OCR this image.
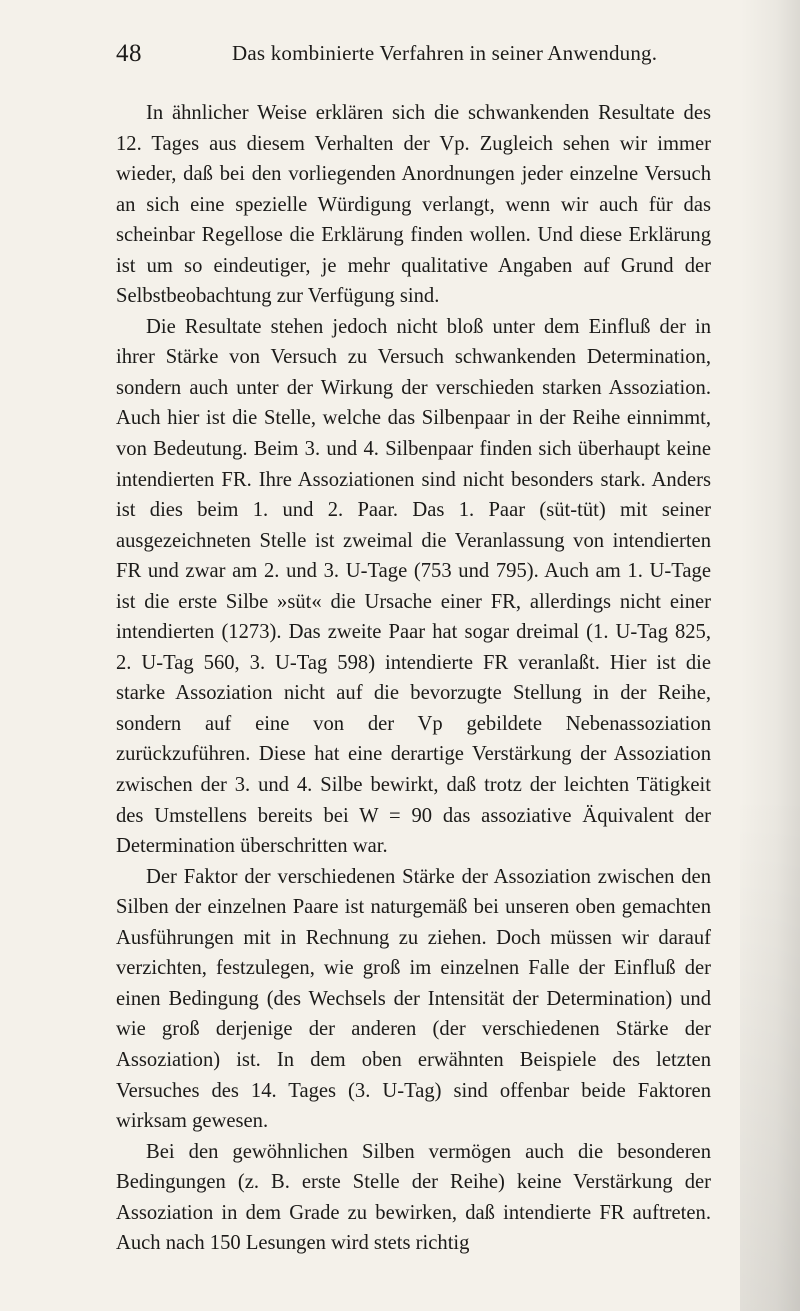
48	Das kombinierte Verfahren in seiner Anwendung.

In ähnlicher Weise erklären sich die schwankenden Resultate des 12. Tages aus diesem Verhalten der Vp. Zugleich sehen wir immer wieder, daß bei den vorliegenden Anordnungen jeder einzelne Versuch an sich eine spezielle Würdigung verlangt, wenn wir auch für das scheinbar Regellose die Erklärung finden wollen. Und diese Erklärung ist um so eindeutiger, je mehr qualitative Angaben auf Grund der Selbstbeobachtung zur Verfügung sind.

Die Resultate stehen jedoch nicht bloß unter dem Einfluß der in ihrer Stärke von Versuch zu Versuch schwankenden Determination, sondern auch unter der Wirkung der verschieden starken Assoziation. Auch hier ist die Stelle, welche das Silbenpaar in der Reihe einnimmt, von Bedeutung. Beim 3. und 4. Silbenpaar finden sich überhaupt keine intendierten FR. Ihre Assoziationen sind nicht besonders stark. Anders ist dies beim 1. und 2. Paar. Das 1. Paar (süt-tüt) mit seiner ausgezeichneten Stelle ist zweimal die Veranlassung von intendierten FR und zwar am 2. und 3. U-Tage (753 und 795). Auch am 1. U-Tage ist die erste Silbe »süt« die Ursache einer FR, allerdings nicht einer intendierten (1273). Das zweite Paar hat sogar dreimal (1. U-Tag 825, 2. U-Tag 560, 3. U-Tag 598) intendierte FR veranlaßt. Hier ist die starke Assoziation nicht auf die bevorzugte Stellung in der Reihe, sondern auf eine von der Vp gebildete Nebenassoziation zurückzuführen. Diese hat eine derartige Verstärkung der Assoziation zwischen der 3. und 4. Silbe bewirkt, daß trotz der leichten Tätigkeit des Umstellens bereits bei W = 90 das assoziative Äquivalent der Determination überschritten war.

Der Faktor der verschiedenen Stärke der Assoziation zwischen den Silben der einzelnen Paare ist naturgemäß bei unseren oben gemachten Ausführungen mit in Rechnung zu ziehen. Doch müssen wir darauf verzichten, festzulegen, wie groß im einzelnen Falle der Einfluß der einen Bedingung (des Wechsels der Intensität der Determination) und wie groß derjenige der anderen (der verschiedenen Stärke der Assoziation) ist. In dem oben erwähnten Beispiele des letzten Versuches des 14. Tages (3. U-Tag) sind offenbar beide Faktoren wirksam gewesen.

Bei den gewöhnlichen Silben vermögen auch die besonderen Bedingungen (z. B. erste Stelle der Reihe) keine Verstärkung der Assoziation in dem Grade zu bewirken, daß intendierte FR auftreten. Auch nach 150 Lesungen wird stets richtig
